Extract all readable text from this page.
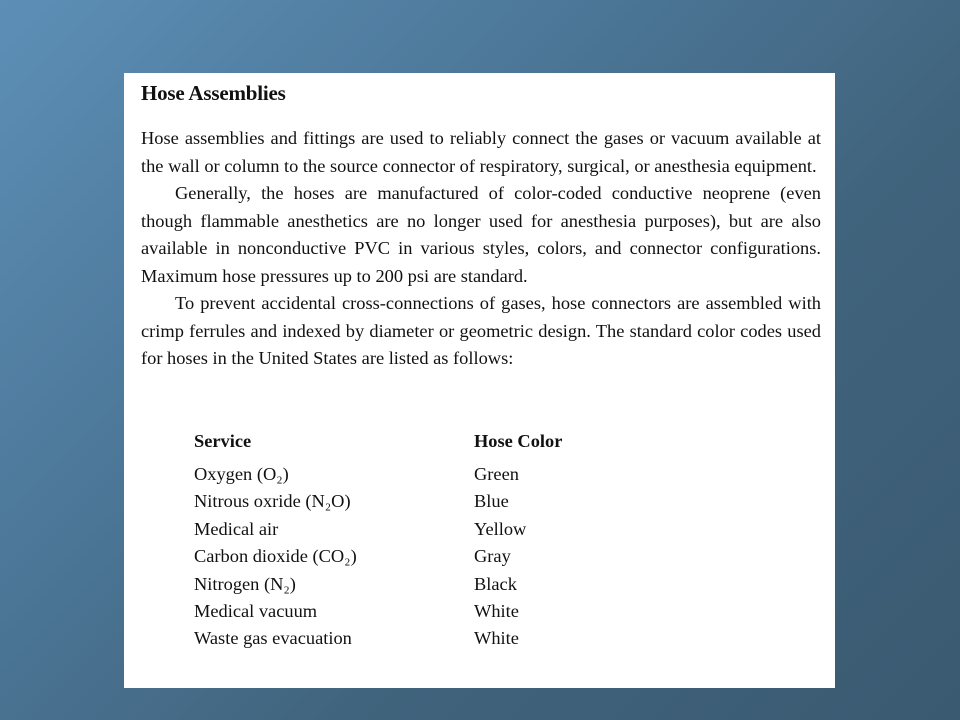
Hose Assemblies

Hose assemblies and fittings are used to reliably connect the gases or vacuum available at the wall or column to the source connector of respiratory, surgical, or anesthesia equipment.

Generally, the hoses are manufactured of color-coded conductive neoprene (even though flammable anesthetics are no longer used for anesthesia purposes), but are also available in nonconductive PVC in various styles, colors, and connector configurations. Maximum hose pressures up to 200 psi are standard.

To prevent accidental cross-connections of gases, hose connectors are assembled with crimp ferrules and indexed by diameter or geometric design. The standard color codes used for hoses in the United States are listed as follows:

Service	Hose Color
Oxygen (O₂)	Green
Nitrous oxride (N₂O)	Blue
Medical air	Yellow
Carbon dioxide (CO₂)	Gray
Nitrogen (N₂)	Black
Medical vacuum	White
Waste gas evacuation	White
